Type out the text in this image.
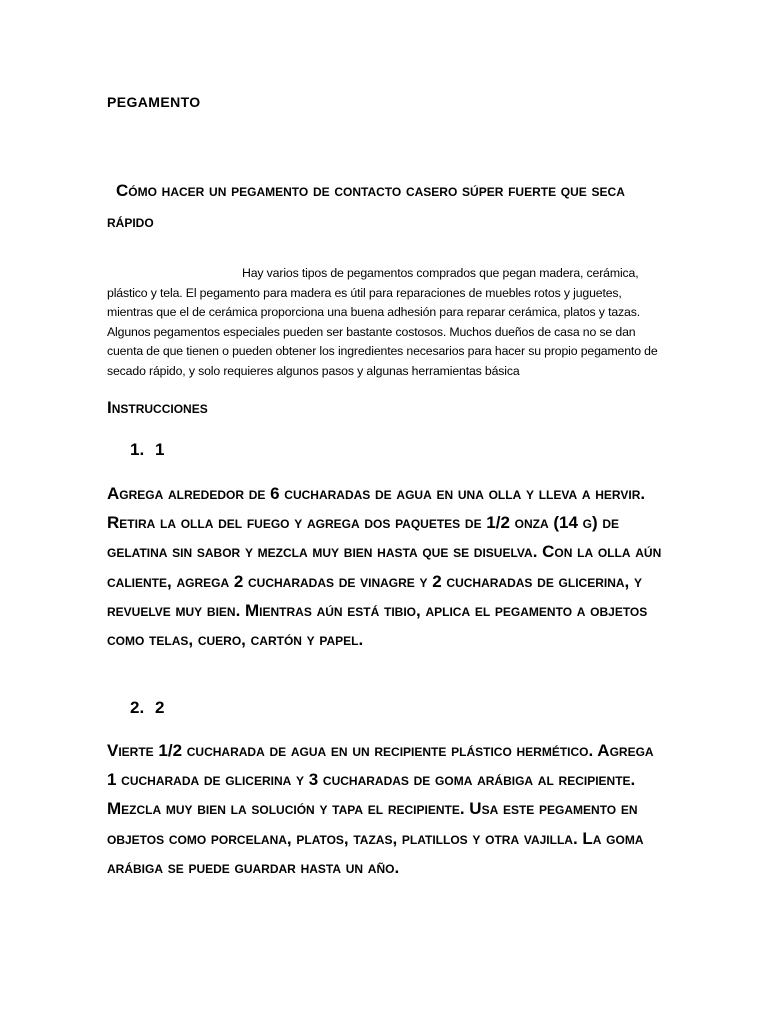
PEGAMENTO

Cómo hacer un pegamento de contacto casero súper fuerte que seca rápido

Hay varios tipos de pegamentos comprados que pegan madera, cerámica, plástico y tela. El pegamento para madera es útil para reparaciones de muebles rotos y juguetes, mientras que el de cerámica proporciona una buena adhesión para reparar cerámica, platos y tazas. Algunos pegamentos especiales pueden ser bastante costosos. Muchos dueños de casa no se dan cuenta de que tienen o pueden obtener los ingredientes necesarios para hacer su propio pegamento de secado rápido, y solo requieres algunos pasos y algunas herramientas básica

Instrucciones
1. 1

Agrega alrededor de 6 cucharadas de agua en una olla y lleva a hervir. Retira la olla del fuego y agrega dos paquetes de 1/2 onza (14 g) de gelatina sin sabor y mezcla muy bien hasta que se disuelva. Con la olla aún caliente, agrega 2 cucharadas de vinagre y 2 cucharadas de glicerina, y revuelve muy bien. Mientras aún está tibio, aplica el pegamento a objetos como telas, cuero, cartón y papel.

2. 2

Vierte 1/2 cucharada de agua en un recipiente plástico hermético. Agrega 1 cucharada de glicerina y 3 cucharadas de goma arábiga al recipiente. Mezcla muy bien la solución y tapa el recipiente. Usa este pegamento en objetos como porcelana, platos, tazas, platillos y otra vajilla. La goma arábiga se puede guardar hasta un año.
